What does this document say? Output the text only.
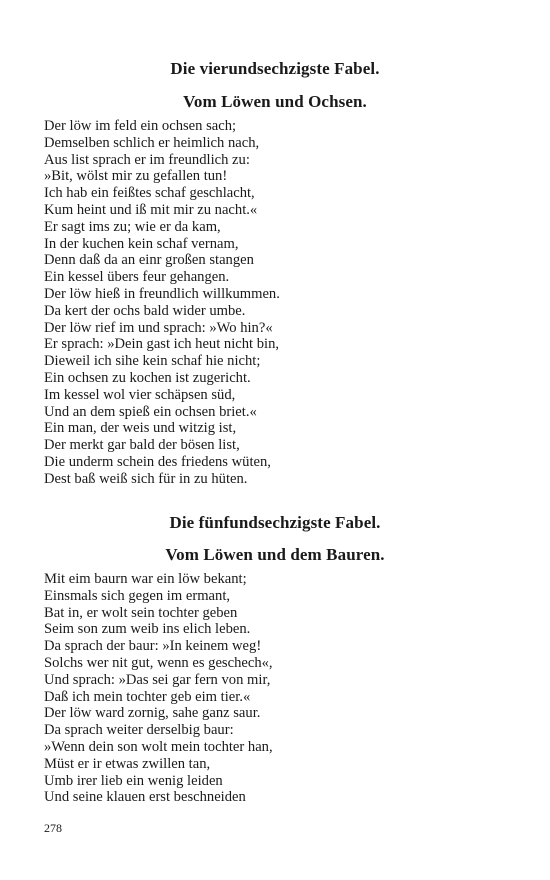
Die vierundsechzigste Fabel.
Vom Löwen und Ochsen.
Der löw im feld ein ochsen sach;
Demselben schlich er heimlich nach,
Aus list sprach er im freundlich zu:
»Bit, wölst mir zu gefallen tun!
Ich hab ein feißtes schaf geschlacht,
Kum heint und iß mit mir zu nacht.«
Er sagt ims zu; wie er da kam,
In der kuchen kein schaf vernam,
Denn daß da an einr großen stangen
Ein kessel übers feur gehangen.
Der löw hieß in freundlich willkummen.
Da kert der ochs bald wider umbe.
Der löw rief im und sprach: »Wo hin?«
Er sprach: »Dein gast ich heut nicht bin,
Dieweil ich sihe kein schaf hie nicht;
Ein ochsen zu kochen ist zugericht.
Im kessel wol vier schäpsen süd,
Und an dem spieß ein ochsen briet.«
Ein man, der weis und witzig ist,
Der merkt gar bald der bösen list,
Die underm schein des friedens wüten,
Dest baß weiß sich für in zu hüten.
Die fünfundsechzigste Fabel.
Vom Löwen und dem Bauren.
Mit eim baurn war ein löw bekant;
Einsmals sich gegen im ermant,
Bat in, er wolt sein tochter geben
Seim son zum weib ins elich leben.
Da sprach der baur: »In keinem weg!
Solchs wer nit gut, wenn es geschech«,
Und sprach: »Das sei gar fern von mir,
Daß ich mein tochter geb eim tier.«
Der löw ward zornig, sahe ganz saur.
Da sprach weiter derselbig baur:
»Wenn dein son wolt mein tochter han,
Müst er ir etwas zwillen tan,
Umb irer lieb ein wenig leiden
Und seine klauen erst beschneiden
278
